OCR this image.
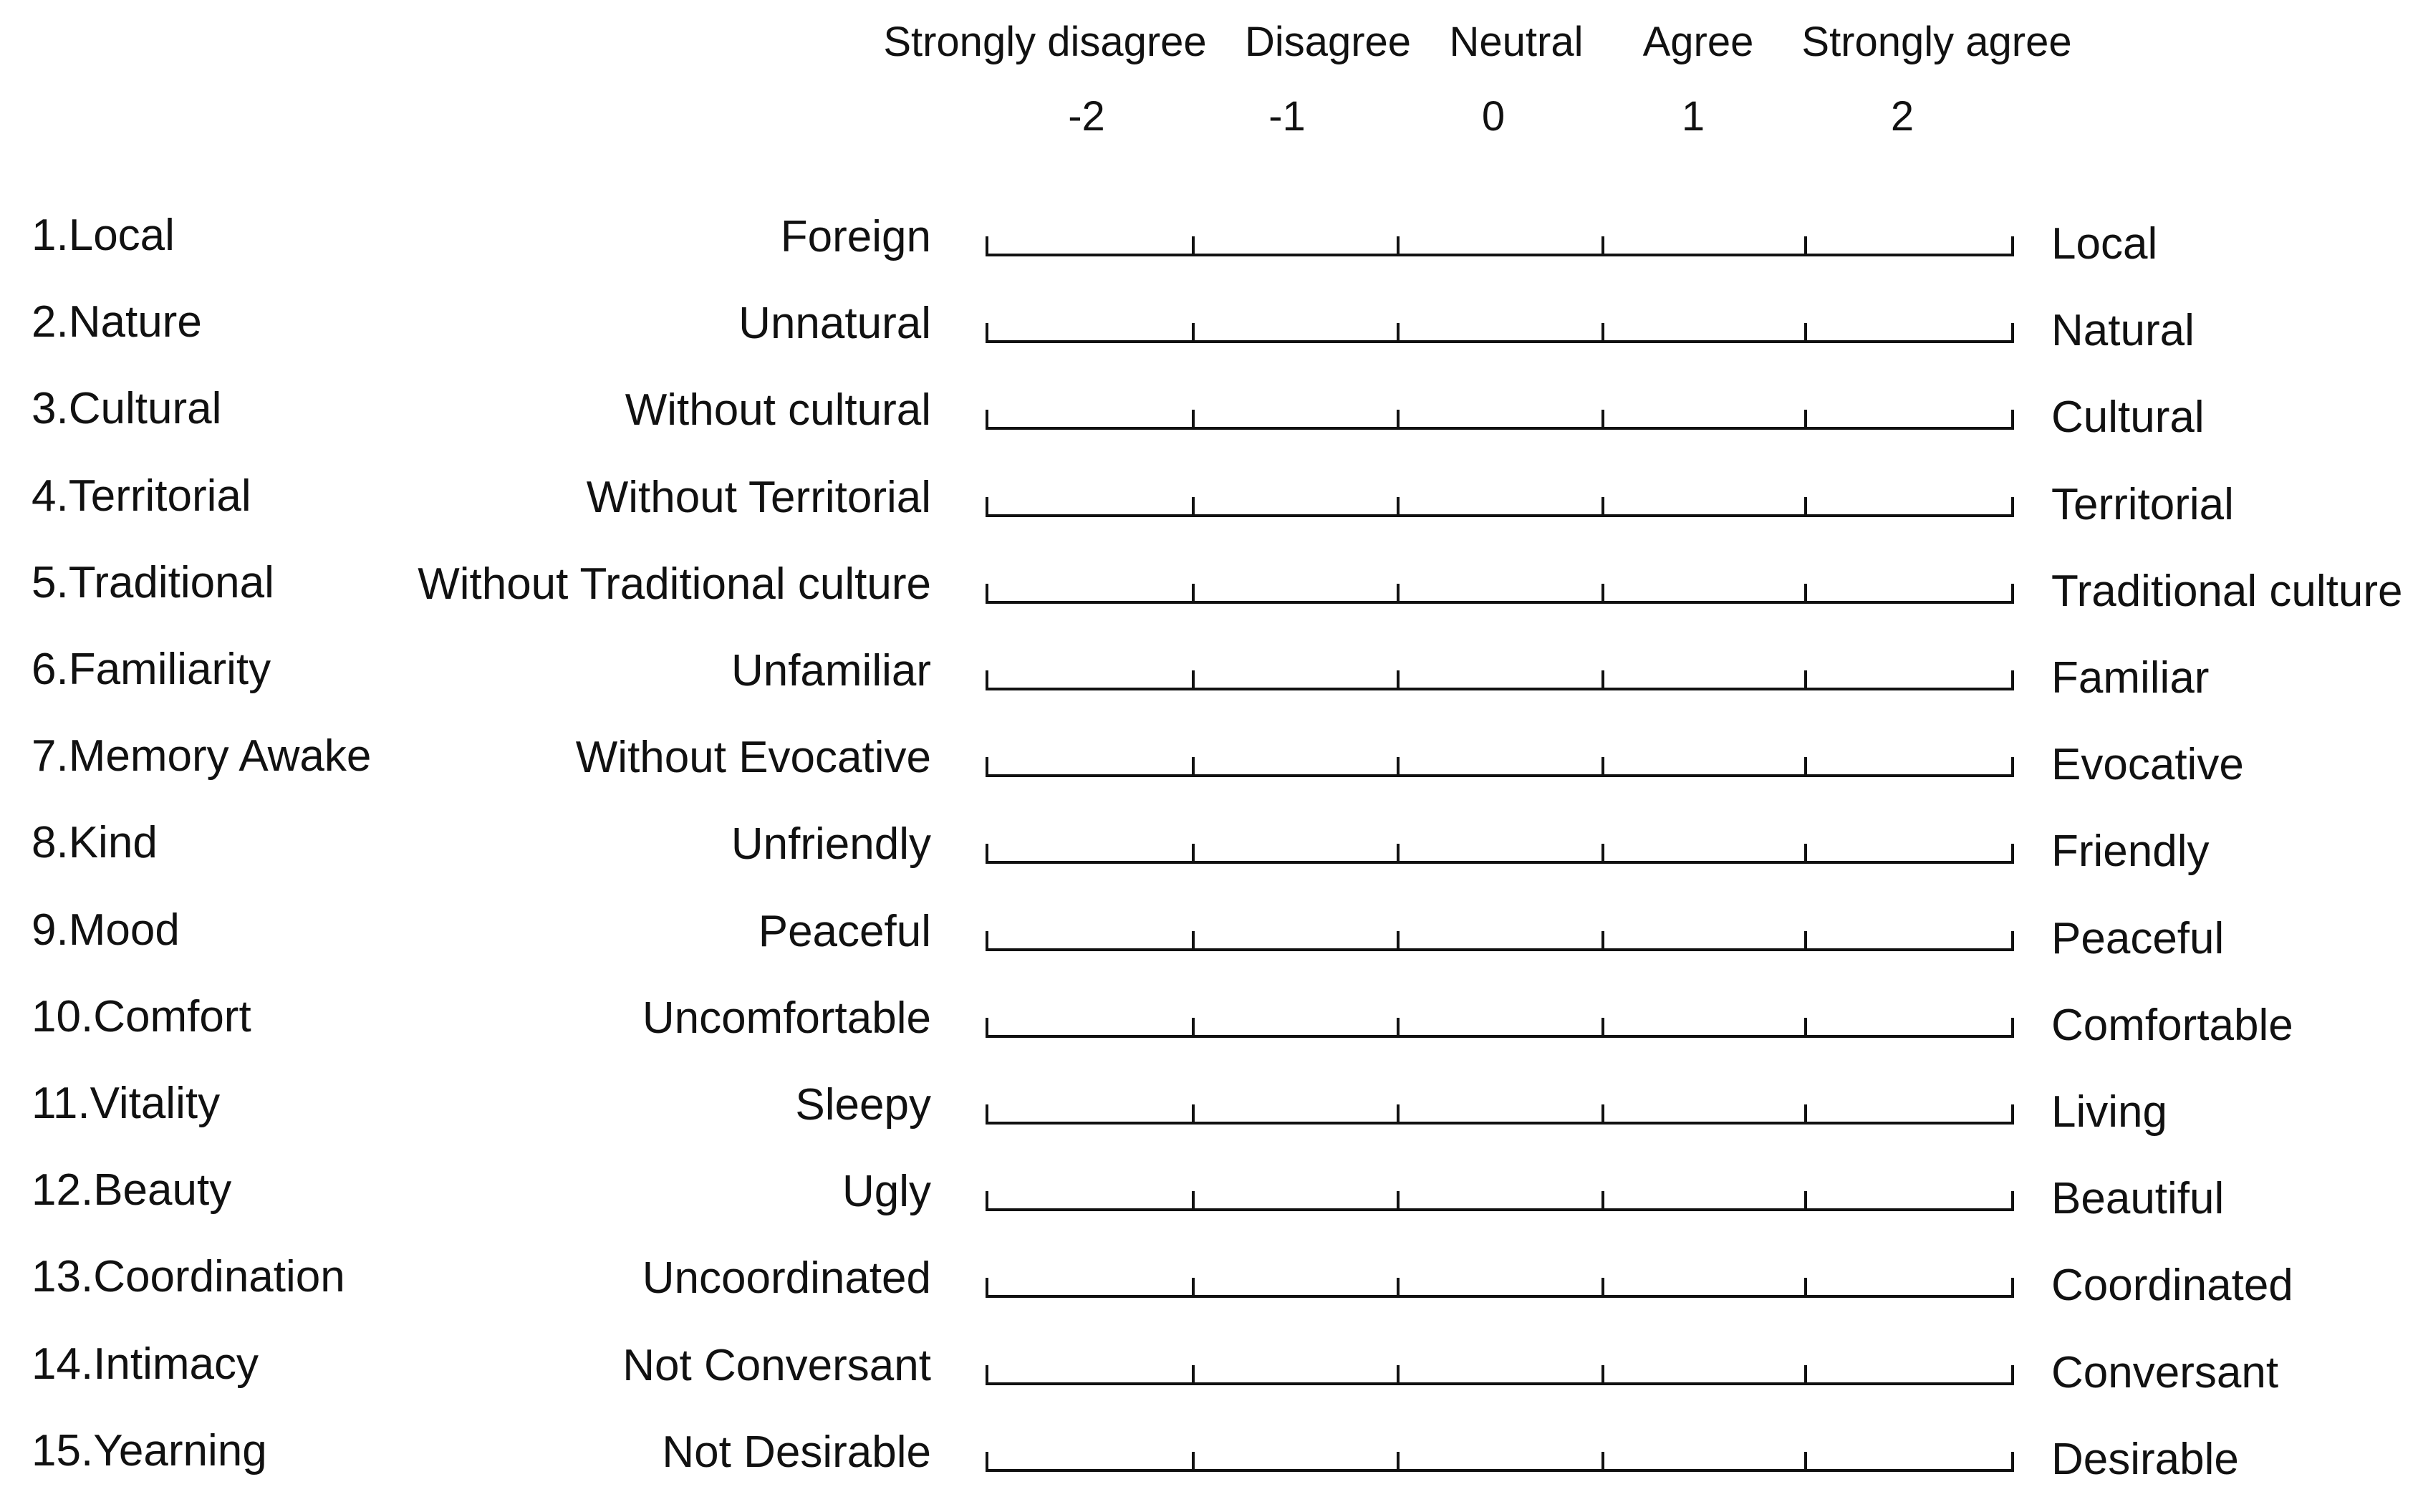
Strongly disagree Disagree Neutral Agree Strongly agree
-2	-1	0	1	2
1.Local	Foreign	Local
2.Nature	Unnatural	Natural
3.Cultural	Without cultural	Cultural
4.Territorial	Without Territorial	Territorial
5.Traditional	Without Traditional culture	Traditional culture
6.Familiarity	Unfamiliar	Familiar
7.Memory Awake	Without Evocative	Evocative
8.Kind	Unfriendly	Friendly
9.Mood	Peaceful	Peaceful
10.Comfort	Uncomfortable	Comfortable
11.Vitality	Sleepy	Living
12.Beauty	Ugly	Beautiful
13.Coordination	Uncoordinated	Coordinated
14.Intimacy	Not Conversant	Conversant
15.Yearning	Not Desirable	Desirable
